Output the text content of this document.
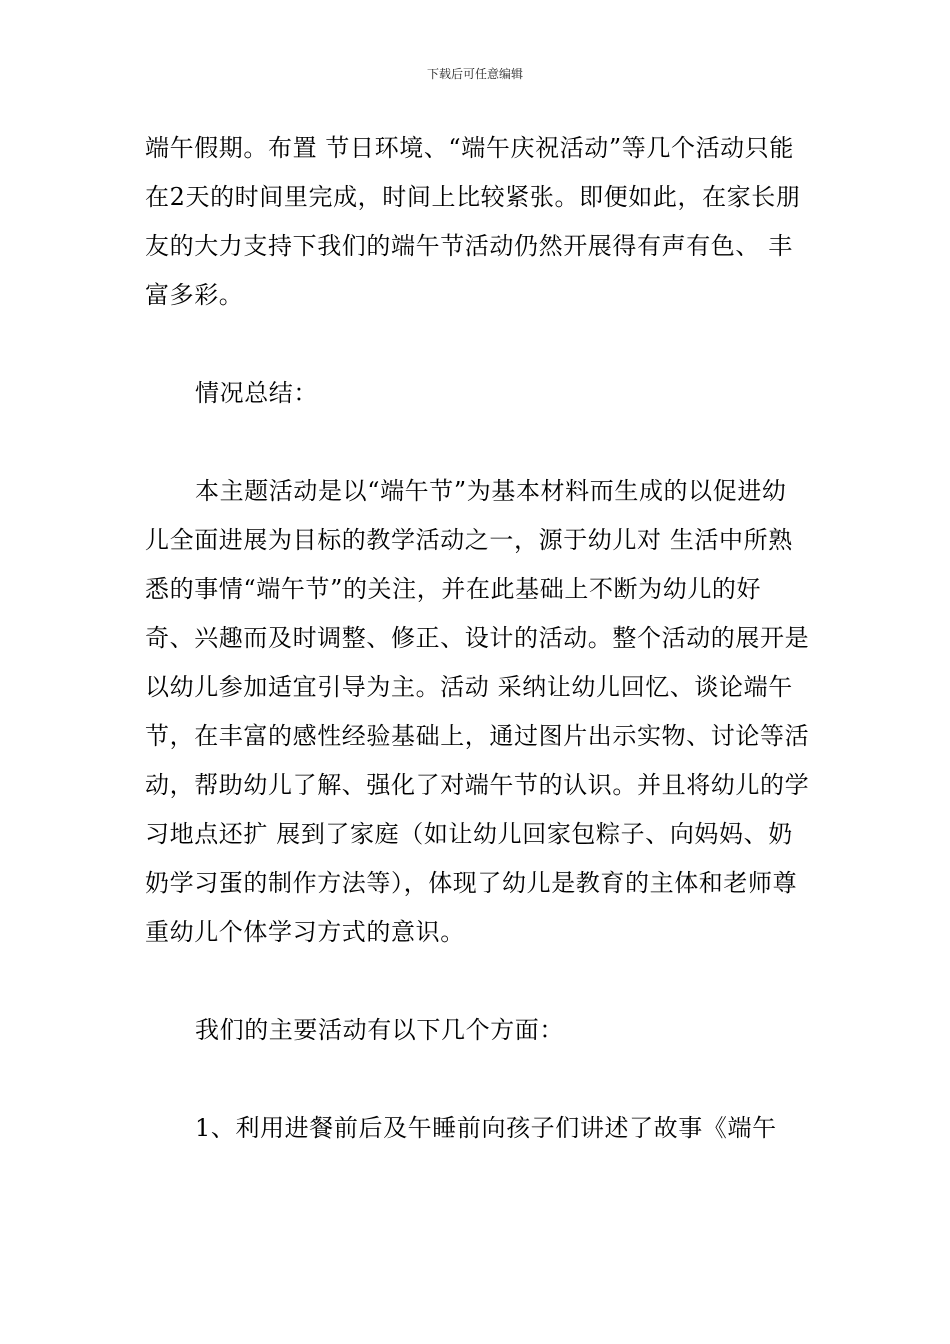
下载后可任意编辑

端午假期。布置 节日环境、“端午庆祝活动”等几个活动只能在2天的时间里完成，时间上比较紧张。即便如此，在家长朋友的大力支持下我们的端午节活动仍然开展得有声有色、 丰富多彩。

情况总结：

本主题活动是以“端午节”为基本材料而生成的以促进幼儿全面进展为目标的教学活动之一，源于幼儿对 生活中所熟悉的事情“端午节”的关注，并在此基础上不断为幼儿的好奇、兴趣而及时调整、修正、设计的活动。整个活动的展开是以幼儿参加适宜引导为主。活动 采纳让幼儿回忆、谈论端午节，在丰富的感性经验基础上，通过图片出示实物、讨论等活动，帮助幼儿了解、强化了对端午节的认识。并且将幼儿的学习地点还扩 展到了家庭（如让幼儿回家包粽子、向妈妈、奶奶学习蛋的制作方法等），体现了幼儿是教育的主体和老师尊重幼儿个体学习方式的意识。

我们的主要活动有以下几个方面：

1、利用进餐前后及午睡前向孩子们讲述了故事《端午
